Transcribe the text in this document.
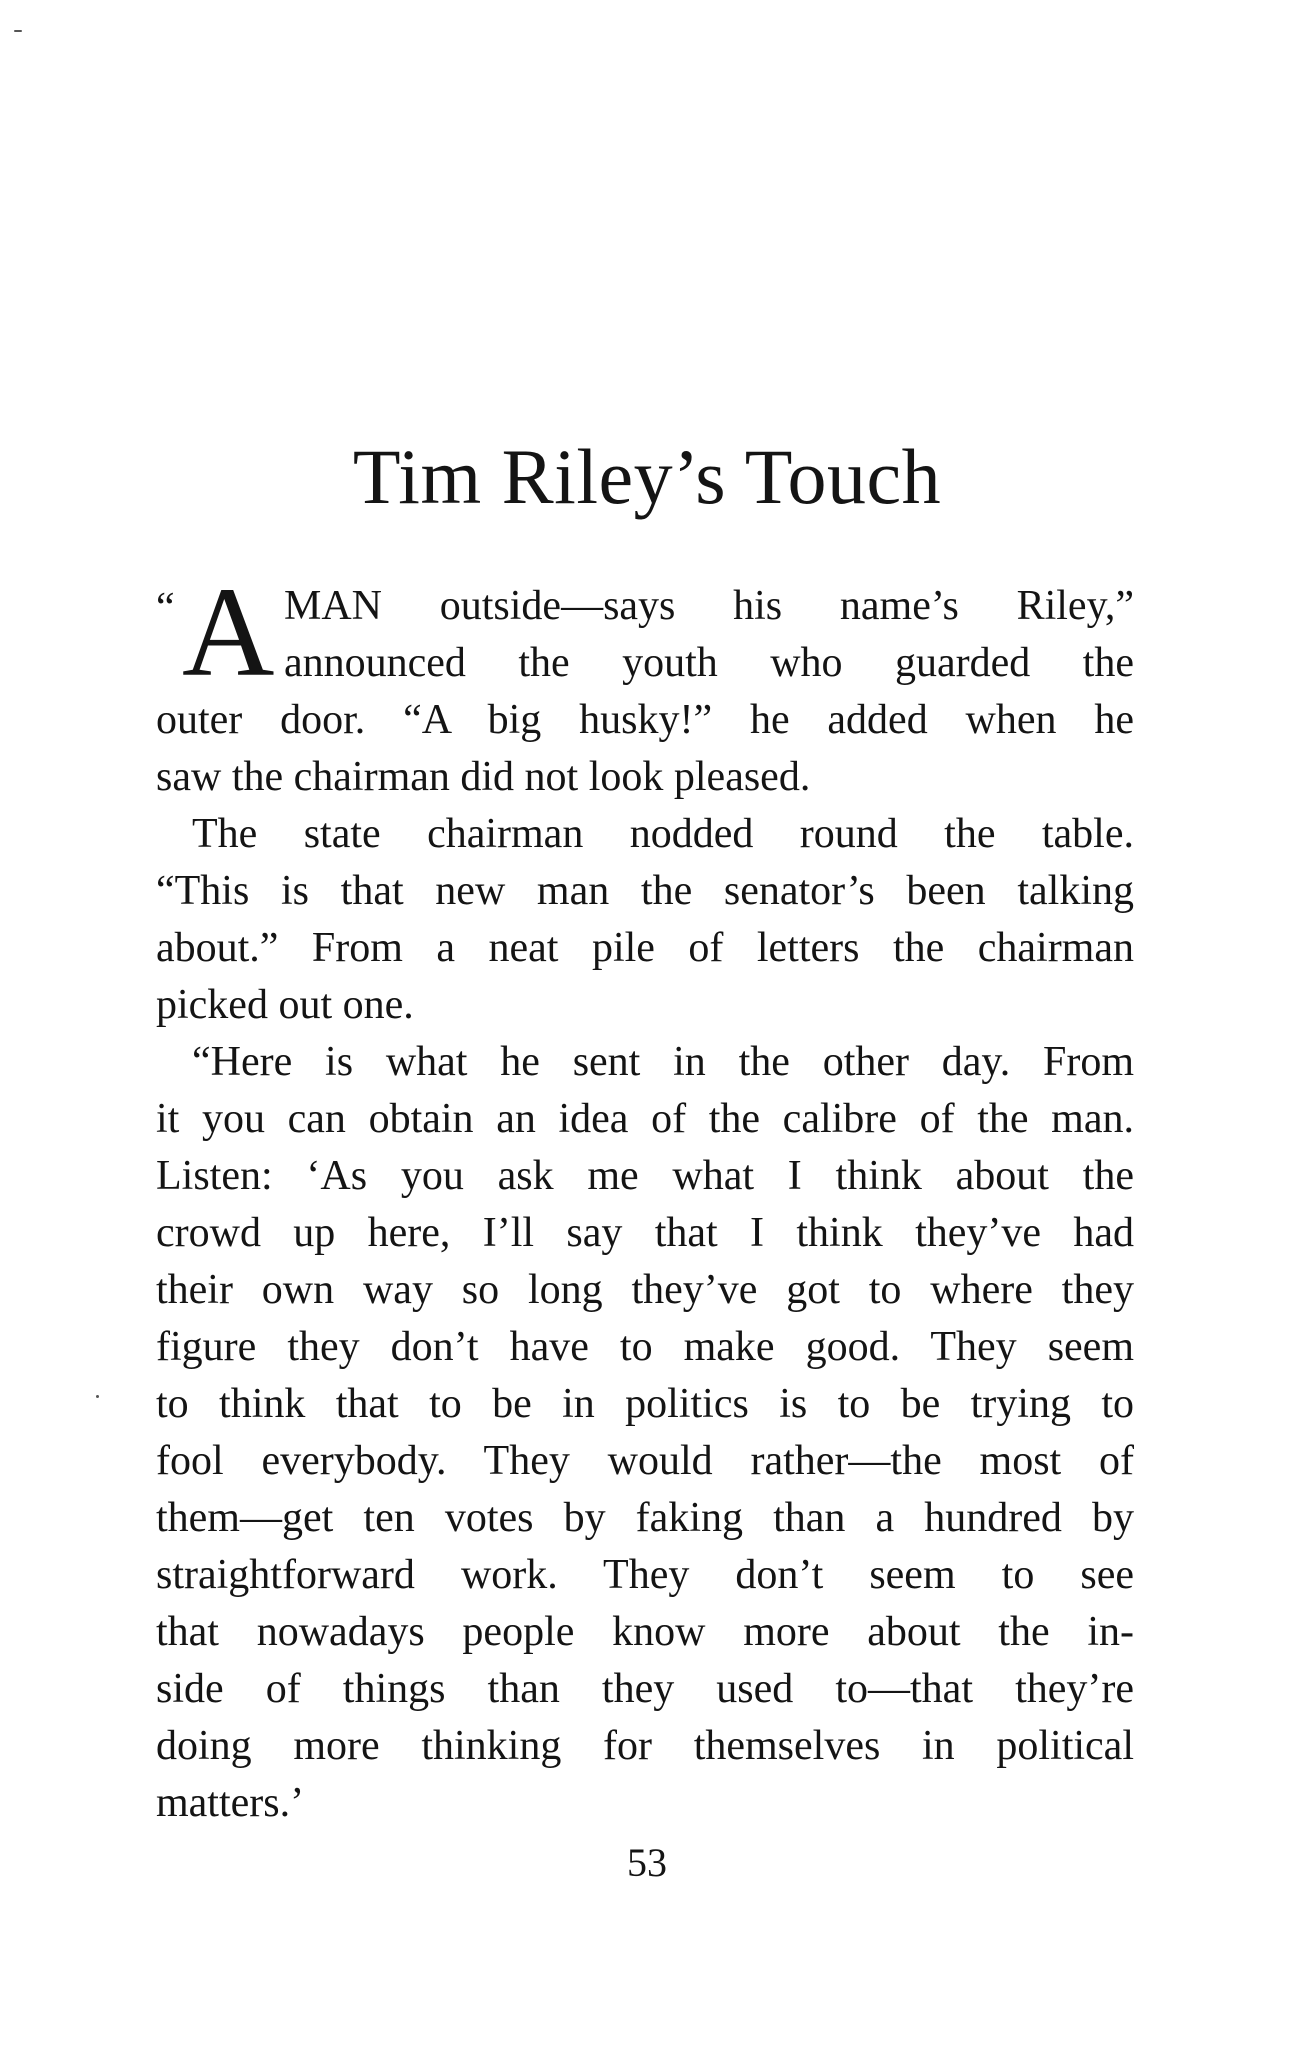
Tim Riley’s Touch
“ A MAN outside—says his name’s Riley,”
announced the youth who guarded the
outer door. “A big husky!” he added when he
saw the chairman did not look pleased.
The state chairman nodded round the table.
“This is that new man the senator’s been talking
about.” From a neat pile of letters the chairman
picked out one.
“Here is what he sent in the other day. From
it you can obtain an idea of the calibre of the man.
Listen: ‘As you ask me what I think about the
crowd up here, I’ll say that I think they’ve had
their own way so long they’ve got to where they
figure they don’t have to make good. They seem
to think that to be in politics is to be trying to
fool everybody. They would rather—the most of
them—get ten votes by faking than a hundred by
straightforward work. They don’t seem to see
that nowadays people know more about the in-
side of things than they used to—that they’re
doing more thinking for themselves in political
matters.’
53
